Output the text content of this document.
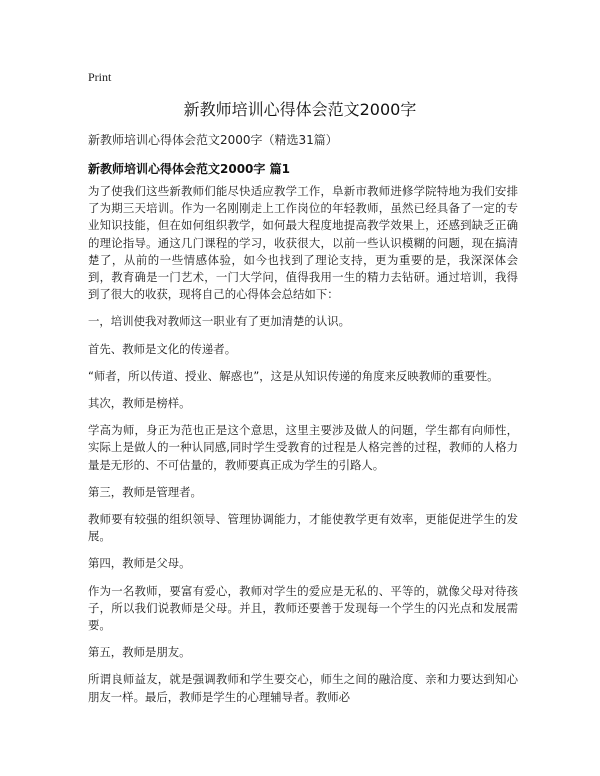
Print
新教师培训心得体会范文2000字
新教师培训心得体会范文2000字（精选31篇）
新教师培训心得体会范文2000字 篇1

为了使我们这些新教师们能尽快适应教学工作，阜新市教师进修学院特地为我们安排了为期三天培训。作为一名刚刚走上工作岗位的年轻教师，虽然已经具备了一定的专业知识技能，但在如何组织教学，如何最大程度地提高教学效果上，还感到缺乏正确的理论指导。通这几门课程的学习，收获很大，以前一些认识模糊的问题，现在搞清楚了，从前的一些情感体验，如今也找到了理论支持，更为重要的是，我深深体会到，教育确是一门艺术，一门大学问，值得我用一生的精力去钻研。通过培训，我得到了很大的收获，现将自己的心得体会总结如下：

一，培训使我对教师这一职业有了更加清楚的认识。

首先、教师是文化的传递者。

“师者，所以传道、授业、解惑也”，这是从知识传递的角度来反映教师的重要性。

其次，教师是榜样。

学高为师，身正为范也正是这个意思，这里主要涉及做人的问题，学生都有向师性，实际上是做人的一种认同感,同时学生受教育的过程是人格完善的过程，教师的人格力量是无形的、不可估量的，教师要真正成为学生的引路人。

第三，教师是管理者。

教师要有较强的组织领导、管理协调能力，才能使教学更有效率，更能促进学生的发展。

第四，教师是父母。

作为一名教师，要富有爱心，教师对学生的爱应是无私的、平等的，就像父母对待孩子，所以我们说教师是父母。并且，教师还要善于发现每一个学生的闪光点和发展需要。

第五，教师是朋友。

所谓良师益友，就是强调教师和学生要交心，师生之间的融洽度、亲和力要达到知心朋友一样。最后，教师是学生的心理辅导者。教师必
